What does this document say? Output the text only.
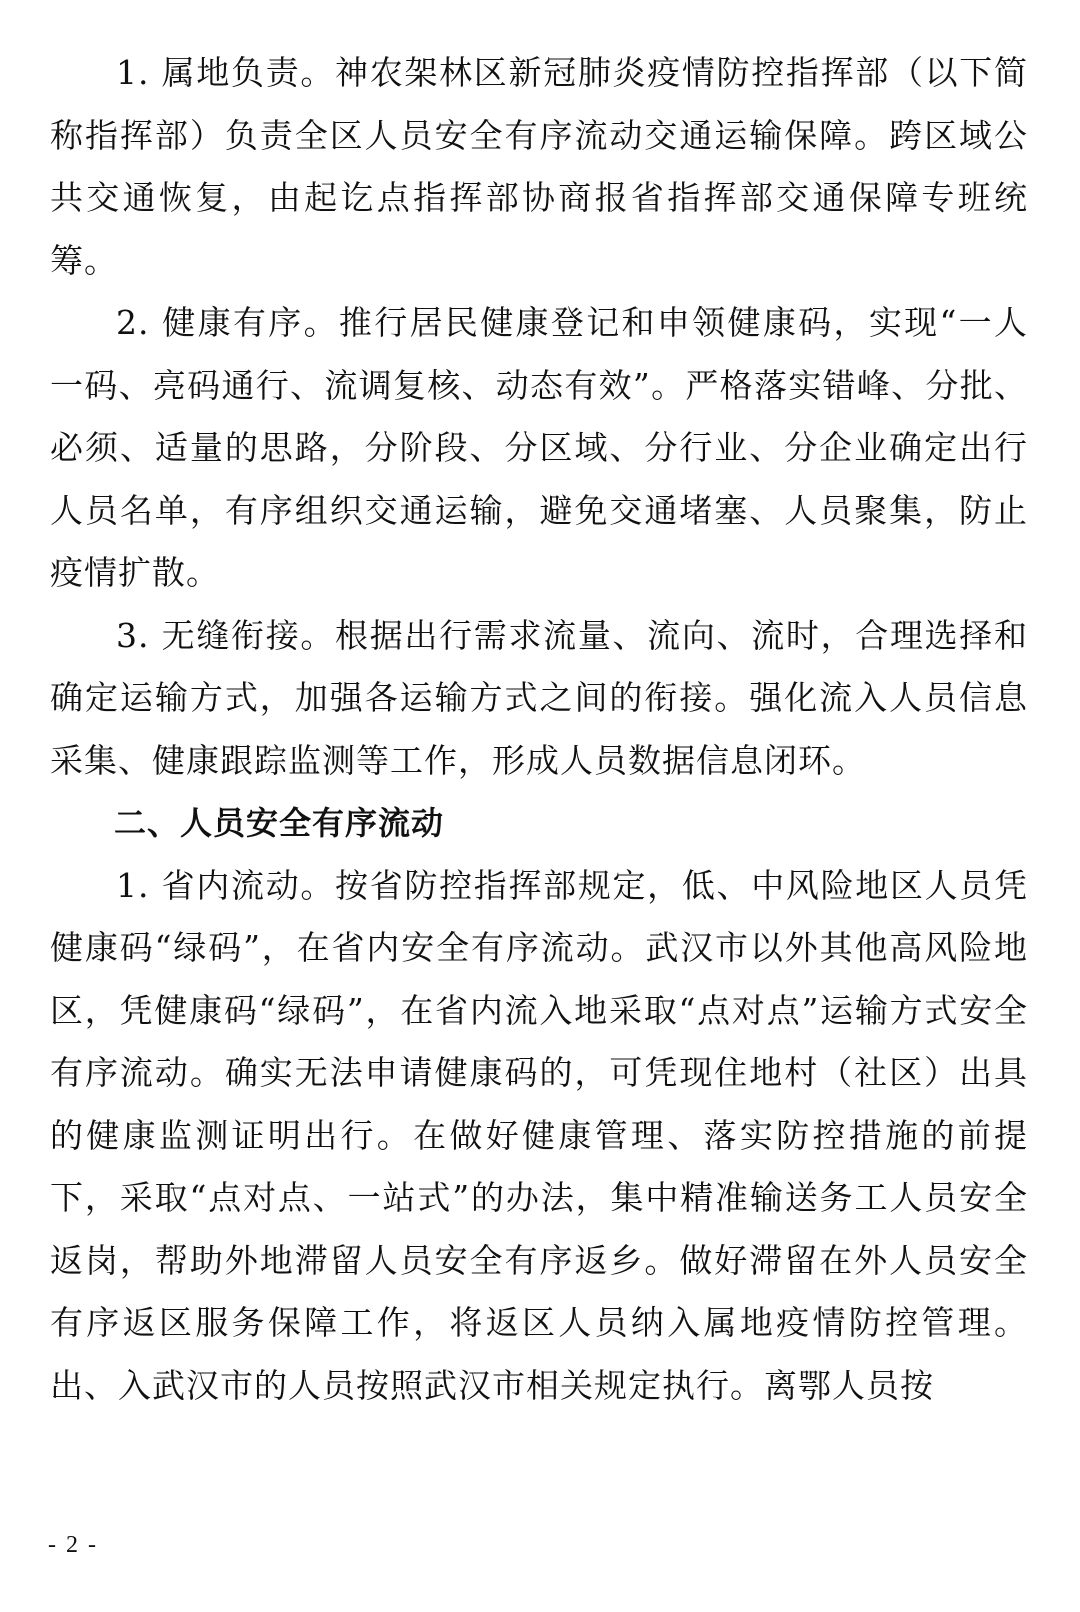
1. 属地负责。神农架林区新冠肺炎疫情防控指挥部（以下简称指挥部）负责全区人员安全有序流动交通运输保障。跨区域公共交通恢复，由起讫点指挥部协商报省指挥部交通保障专班统筹。

2. 健康有序。推行居民健康登记和申领健康码，实现“一人一码、亮码通行、流调复核、动态有效”。严格落实错峰、分批、必须、适量的思路，分阶段、分区域、分行业、分企业确定出行人员名单，有序组织交通运输，避免交通堵塞、人员聚集，防止疫情扩散。

3. 无缝衔接。根据出行需求流量、流向、流时，合理选择和确定运输方式，加强各运输方式之间的衔接。强化流入人员信息采集、健康跟踪监测等工作，形成人员数据信息闭环。

二、人员安全有序流动

1. 省内流动。按省防控指挥部规定，低、中风险地区人员凭健康码“绿码”，在省内安全有序流动。武汉市以外其他高风险地区，凭健康码“绿码”，在省内流入地采取“点对点”运输方式安全有序流动。确实无法申请健康码的，可凭现住地村（社区）出具的健康监测证明出行。在做好健康管理、落实防控措施的前提下，采取“点对点、一站式”的办法，集中精准输送务工人员安全返岗，帮助外地滞留人员安全有序返乡。做好滞留在外人员安全有序返区服务保障工作，将返区人员纳入属地疫情防控管理。出、入武汉市的人员按照武汉市相关规定执行。离鄂人员按

- 2 -
